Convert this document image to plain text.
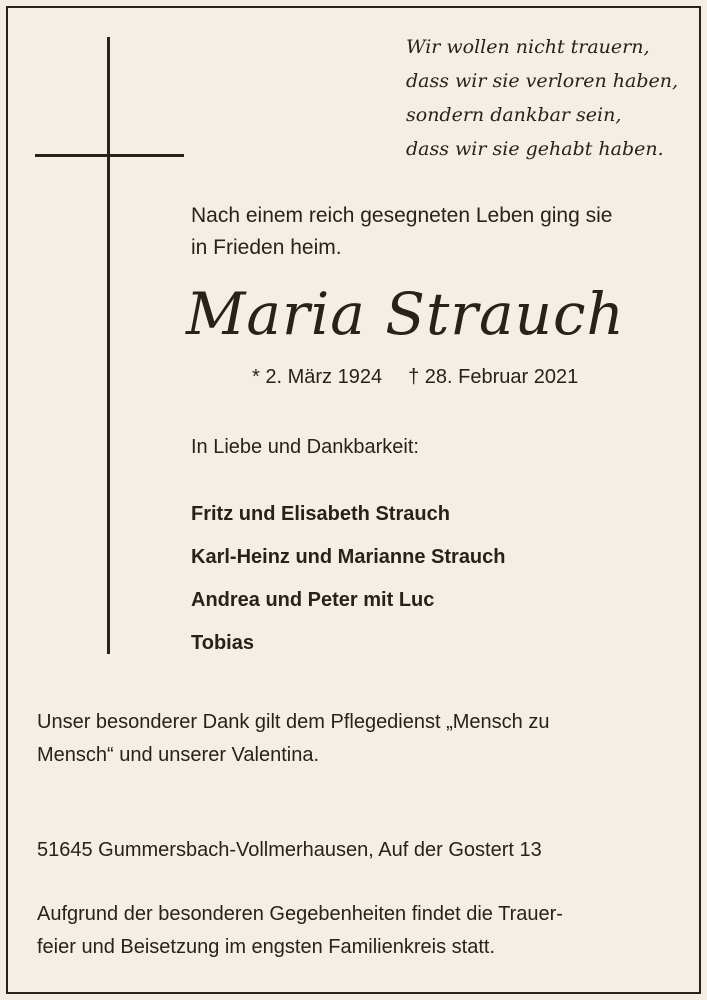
Wir wollen nicht trauern,
dass wir sie verloren haben,
sondern dankbar sein,
dass wir sie gehabt haben.
Nach einem reich gesegneten Leben ging sie
in Frieden heim.
Maria Strauch
* 2. März 1924 † 28. Februar 2021
In Liebe und Dankbarkeit:
Fritz und Elisabeth Strauch
Karl-Heinz und Marianne Strauch
Andrea und Peter mit Luc
Tobias
Unser besonderer Dank gilt dem Pflegedienst „Mensch zu
Mensch“ und unserer Valentina.
51645 Gummersbach-Vollmerhausen, Auf der Gostert 13
Aufgrund der besonderen Gegebenheiten findet die Trauer-
feier und Beisetzung im engsten Familienkreis statt.
